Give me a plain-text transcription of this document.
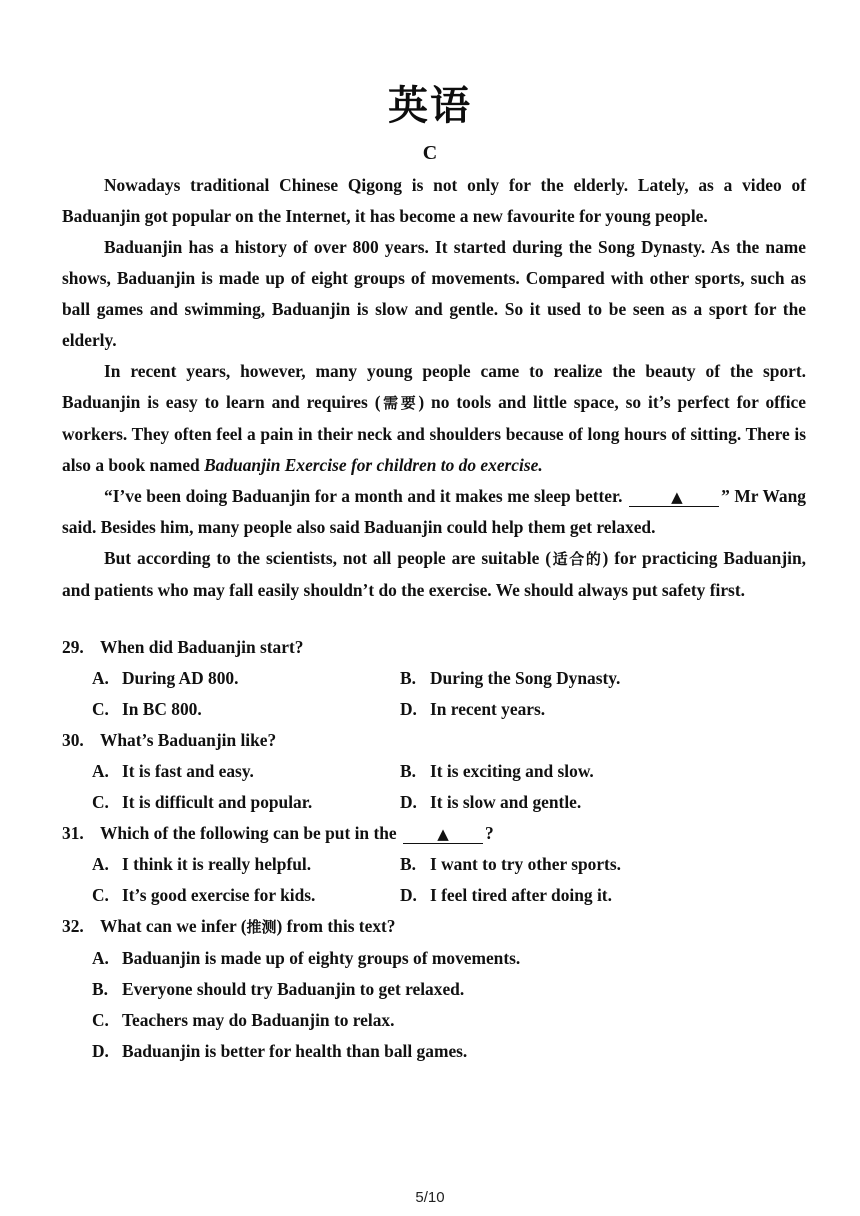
英语
C

Nowadays traditional Chinese Qigong is not only for the elderly. Lately, as a video of Baduanjin got popular on the Internet, it has become a new favourite for young people.

Baduanjin has a history of over 800 years. It started during the Song Dynasty. As the name shows, Baduanjin is made up of eight groups of movements. Compared with other sports, such as ball games and swimming, Baduanjin is slow and gentle. So it used to be seen as a sport for the elderly.

In recent years, however, many young people came to realize the beauty of the sport. Baduanjin is easy to learn and requires (需要) no tools and little space, so it’s perfect for office workers. They often feel a pain in their neck and shoulders because of long hours of sitting. There is also a book named Baduanjin Exercise for children to do exercise.

“I’ve been doing Baduanjin for a month and it makes me sleep better.	▲ ” Mr Wang said. Besides him, many people also said Baduanjin could help them get relaxed.

But according to the scientists, not all people are suitable (适合的) for practicing Baduanjin, and patients who may fall easily shouldn’t do the exercise. We should always put safety first.

29. When did Baduanjin start?

A. During AD 800.	B. During the Song Dynasty.
C. In BC 800.	D. In recent years.

30. What’s Baduanjin like?

A. It is fast and easy.	B. It is exciting and slow.
C. It is difficult and popular.	D. It is slow and gentle.

31. Which of the following can be put in the	▲ ?

A. I think it is really helpful.	B. I want to try other sports.
C. It’s good exercise for kids.	D. I feel tired after doing it.

32. What can we infer (推测) from this text?

A. Baduanjin is made up of eighty groups of movements.
B. Everyone should try Baduanjin to get relaxed.
C. Teachers may do Baduanjin to relax.
D. Baduanjin is better for health than ball games.
5/10
